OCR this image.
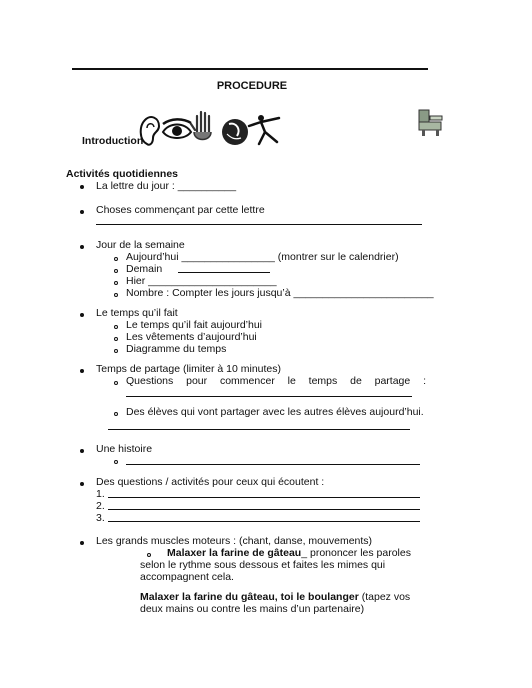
PROCEDURE
Introduction
Activités quotidiennes
La lettre du jour : __________
Choses commençant par cette lettre
Jour de la semaine
Aujourd’hui ________________ (montrer sur le calendrier)
Demain
Hier ______________________
Nombre : Compter les jours jusqu’à ________________________
Le temps qu’il fait
Le temps qu’il fait aujourd’hui
Les vêtements d’aujourd’hui
Diagramme du temps
Temps de partage (limiter à 10 minutes)
Questions pour commencer le temps de partage :
Des élèves qui vont partager avec les autres élèves aujourd’hui.
Une histoire
Des questions / activités pour ceux qui écoutent :
1.
2.
3.
Les grands muscles moteurs : (chant, danse, mouvements)
Malaxer la farine de gâteau_ prononcer les paroles selon le rythme sous dessous et faites les mimes qui accompagnent cela.
Malaxer la farine du gâteau, toi le boulanger (tapez vos deux mains ou contre les mains d’un partenaire)
